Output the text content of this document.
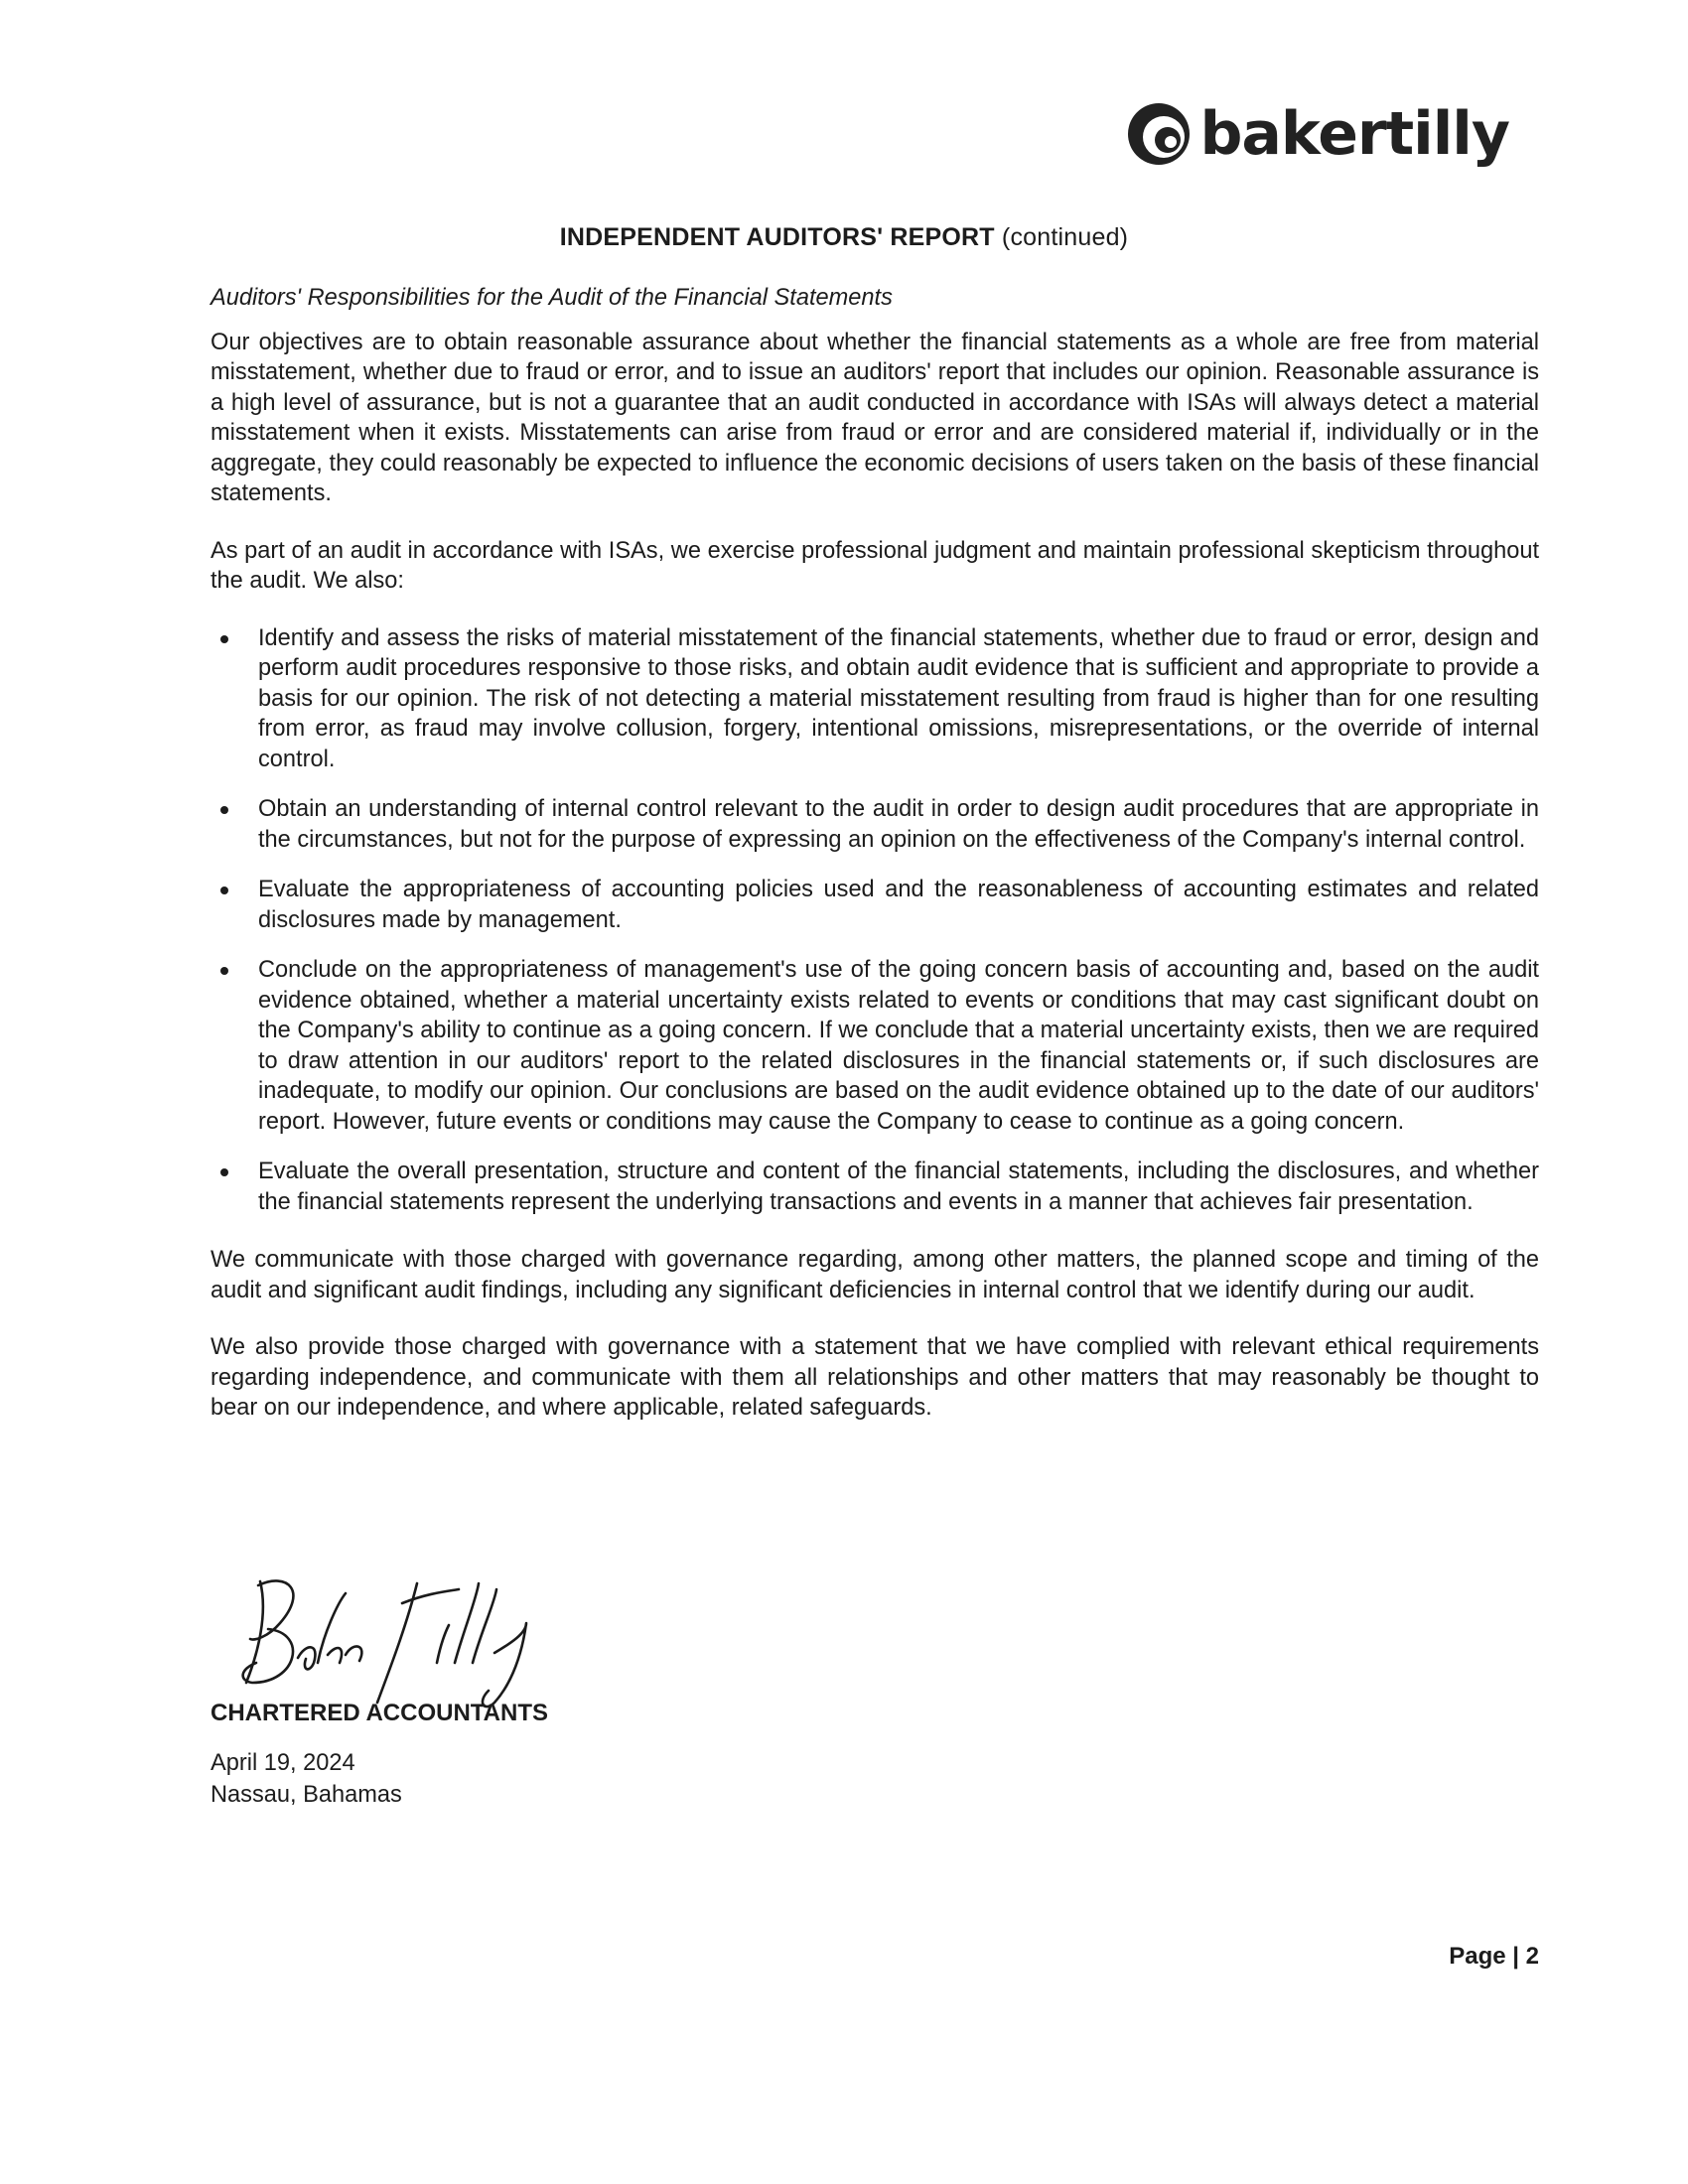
bakertilly
INDEPENDENT AUDITORS' REPORT (continued)
Auditors' Responsibilities for the Audit of the Financial Statements

Our objectives are to obtain reasonable assurance about whether the financial statements as a whole are free from material misstatement, whether due to fraud or error, and to issue an auditors' report that includes our opinion. Reasonable assurance is a high level of assurance, but is not a guarantee that an audit conducted in accordance with ISAs will always detect a material misstatement when it exists. Misstatements can arise from fraud or error and are considered material if, individually or in the aggregate, they could reasonably be expected to influence the economic decisions of users taken on the basis of these financial statements.

As part of an audit in accordance with ISAs, we exercise professional judgment and maintain professional skepticism throughout the audit. We also:

Identify and assess the risks of material misstatement of the financial statements, whether due to fraud or error, design and perform audit procedures responsive to those risks, and obtain audit evidence that is sufficient and appropriate to provide a basis for our opinion. The risk of not detecting a material misstatement resulting from fraud is higher than for one resulting from error, as fraud may involve collusion, forgery, intentional omissions, misrepresentations, or the override of internal control.
Obtain an understanding of internal control relevant to the audit in order to design audit procedures that are appropriate in the circumstances, but not for the purpose of expressing an opinion on the effectiveness of the Company's internal control.
Evaluate the appropriateness of accounting policies used and the reasonableness of accounting estimates and related disclosures made by management.
Conclude on the appropriateness of management's use of the going concern basis of accounting and, based on the audit evidence obtained, whether a material uncertainty exists related to events or conditions that may cast significant doubt on the Company's ability to continue as a going concern. If we conclude that a material uncertainty exists, then we are required to draw attention in our auditors' report to the related disclosures in the financial statements or, if such disclosures are inadequate, to modify our opinion. Our conclusions are based on the audit evidence obtained up to the date of our auditors' report. However, future events or conditions may cause the Company to cease to continue as a going concern.
Evaluate the overall presentation, structure and content of the financial statements, including the disclosures, and whether the financial statements represent the underlying transactions and events in a manner that achieves fair presentation.

We communicate with those charged with governance regarding, among other matters, the planned scope and timing of the audit and significant audit findings, including any significant deficiencies in internal control that we identify during our audit.

We also provide those charged with governance with a statement that we have complied with relevant ethical requirements regarding independence, and communicate with them all relationships and other matters that may reasonably be thought to bear on our independence, and where applicable, related safeguards.

CHARTERED ACCOUNTANTS
April 19, 2024
Nassau, Bahamas
Page | 2
